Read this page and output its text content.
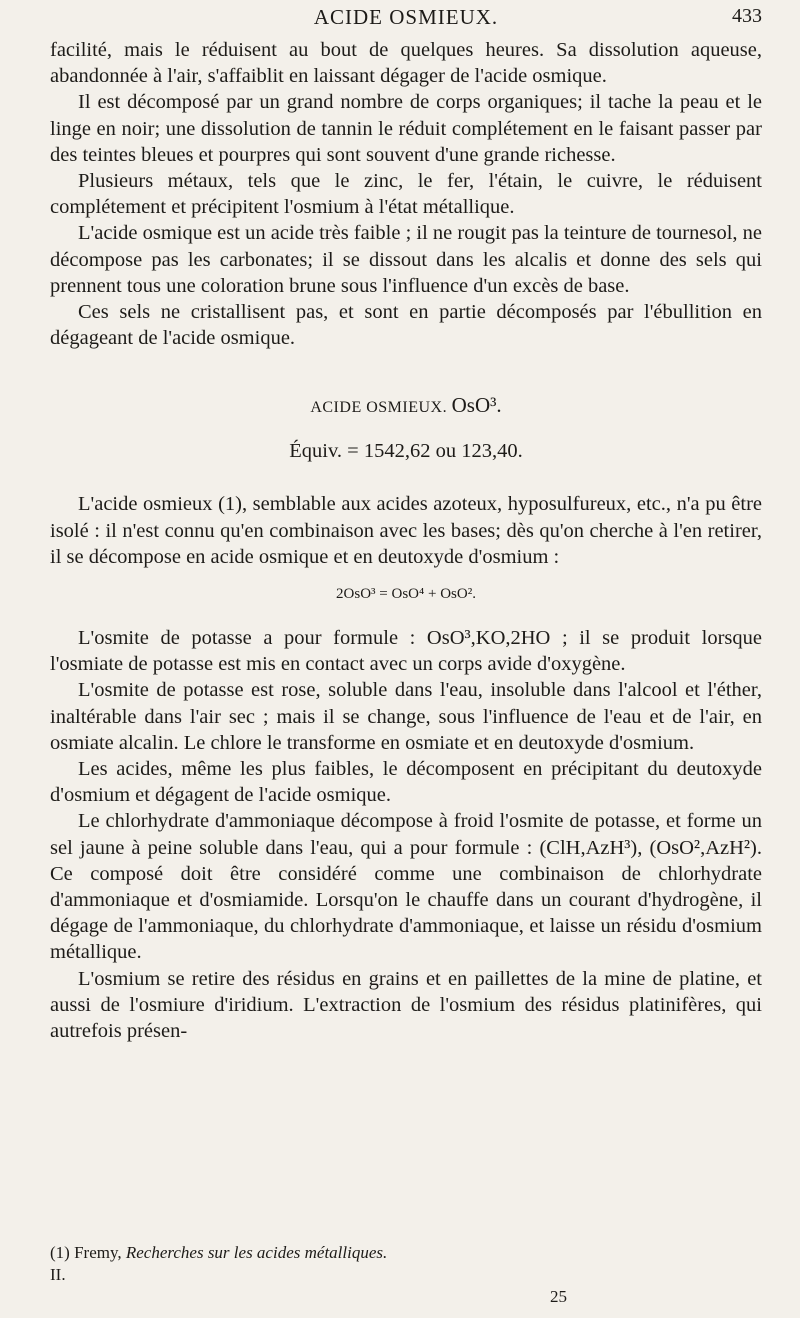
ACIDE OSMIEUX.	433

facilité, mais le réduisent au bout de quelques heures. Sa dissolution aqueuse, abandonnée à l'air, s'affaiblit en laissant dégager de l'acide osmique.

Il est décomposé par un grand nombre de corps organiques; il tache la peau et le linge en noir; une dissolution de tannin le réduit complétement en le faisant passer par des teintes bleues et pourpres qui sont souvent d'une grande richesse.

Plusieurs métaux, tels que le zinc, le fer, l'étain, le cuivre, le réduisent complétement et précipitent l'osmium à l'état métallique.

L'acide osmique est un acide très faible ; il ne rougit pas la teinture de tournesol, ne décompose pas les carbonates; il se dissout dans les alcalis et donne des sels qui prennent tous une coloration brune sous l'influence d'un excès de base.

Ces sels ne cristallisent pas, et sont en partie décomposés par l'ébullition en dégageant de l'acide osmique.

ACIDE OSMIEUX. OsO³.
Équiv. = 1542,62 ou 123,40.

L'acide osmieux (1), semblable aux acides azoteux, hyposulfureux, etc., n'a pu être isolé : il n'est connu qu'en combinaison avec les bases; dès qu'on cherche à l'en retirer, il se décompose en acide osmique et en deutoxyde d'osmium :

2OsO³ = OsO⁴ + OsO².

L'osmite de potasse a pour formule : OsO³,KO,2HO ; il se produit lorsque l'osmiate de potasse est mis en contact avec un corps avide d'oxygène.

L'osmite de potasse est rose, soluble dans l'eau, insoluble dans l'alcool et l'éther, inaltérable dans l'air sec ; mais il se change, sous l'influence de l'eau et de l'air, en osmiate alcalin. Le chlore le transforme en osmiate et en deutoxyde d'osmium.

Les acides, même les plus faibles, le décomposent en précipitant du deutoxyde d'osmium et dégagent de l'acide osmique.

Le chlorhydrate d'ammoniaque décompose à froid l'osmite de potasse, et forme un sel jaune à peine soluble dans l'eau, qui a pour formule : (ClH,AzH³), (OsO²,AzH²). Ce composé doit être considéré comme une combinaison de chlorhydrate d'ammoniaque et d'osmiamide. Lorsqu'on le chauffe dans un courant d'hydrogène, il dégage de l'ammoniaque, du chlorhydrate d'ammoniaque, et laisse un résidu d'osmium métallique.

L'osmium se retire des résidus en grains et en paillettes de la mine de platine, et aussi de l'osmiure d'iridium. L'extraction de l'osmium des résidus platinifères, qui autrefois présen-

(1) Fremy, Recherches sur les acides métalliques.
II.
25
